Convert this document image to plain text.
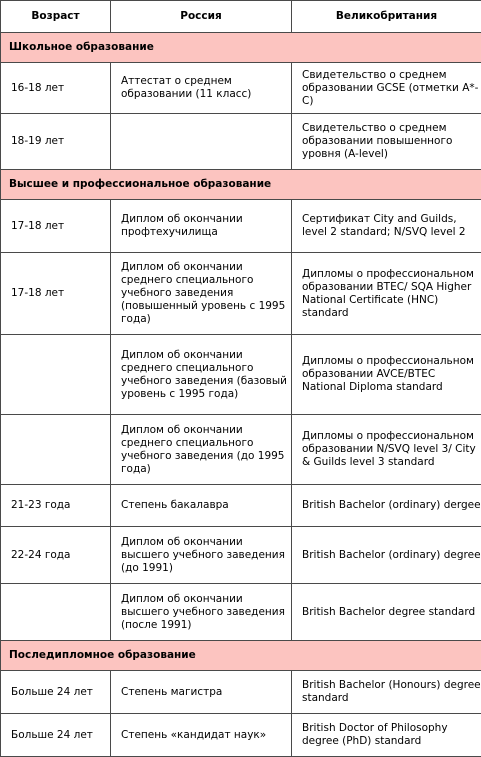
Возраст	Россия	Великобритания
Школьное образование		
16-18 лет	Аттестат о среднем образовании (11 класс)	Свидетельство о среднем образовании GCSE (отметки A*-C)
18-19 лет		Свидетельство о среднем образовании повышенного уровня (A-level)
Высшее и профессиональное образование		
17-18 лет	Диплом об окончании профтехучилища	Сертификат City and Guilds, level 2 standard; N/SVQ level 2
17-18 лет	Диплом об окончании среднего специального учебного заведения (повышенный уровень с 1995 года)	Дипломы о профессиональном образовании BTEC/ SQA Higher National Certificate (HNC) standard
	Диплом об окончании среднего специального учебного заведения (базовый уровень с 1995 года)	Дипломы о профессиональном образовании AVCE/BTEC National Diploma standard
	Диплом об окончании среднего специального учебного заведения (до 1995 года)	Дипломы о профессиональном образовании N/SVQ level 3/ City & Guilds level 3 standard
21-23 года	Степень бакалавра	British Bachelor (ordinary) dergee
22-24 года	Диплом об окончании высшего учебного заведения (до 1991)	British Bachelor (ordinary) degree
	Диплом об окончании высшего учебного заведения (после 1991)	British Bachelor degree standard
Последипломное образование		
Больше 24 лет	Степень магистра	British Bachelor (Honours) degree standard
Больше 24 лет	Степень «кандидат наук»	British Doctor of Philosophy degree (PhD) standard
